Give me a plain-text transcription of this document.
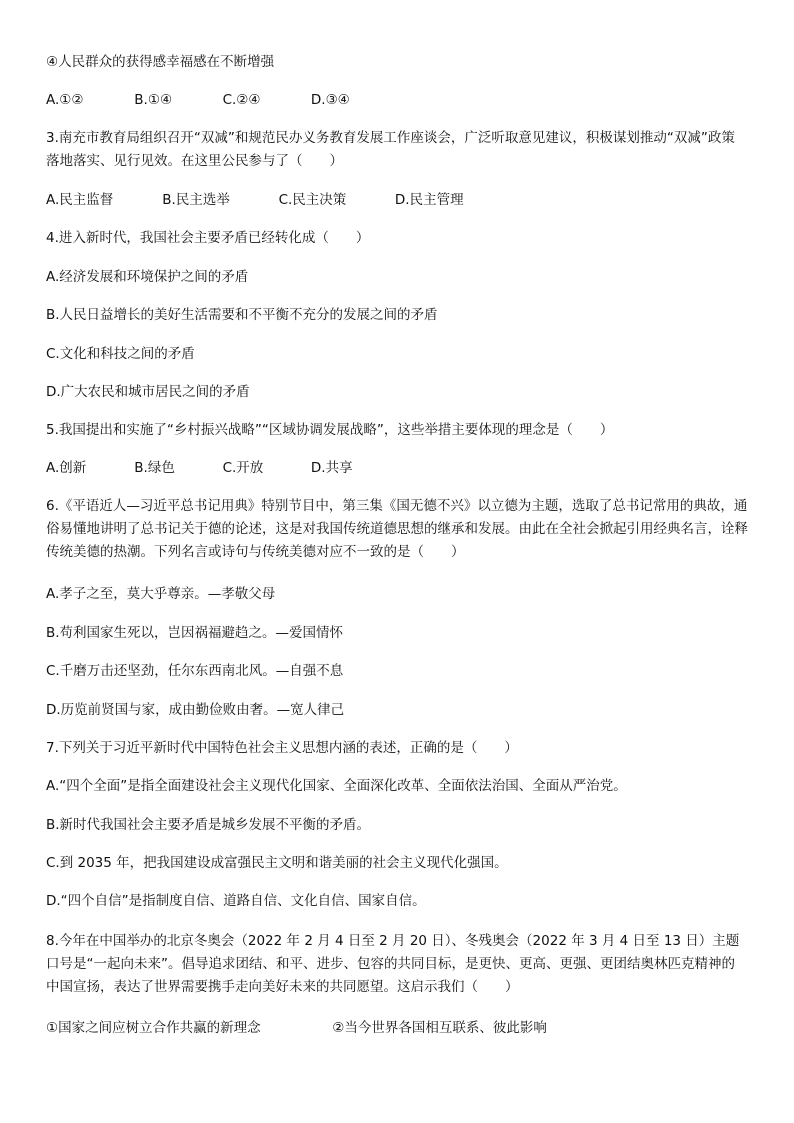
④人民群众的获得感幸福感在不断增强
A.①②	B.①④	C.②④	D.③④
3.南充市教育局组织召开“双减”和规范民办义务教育发展工作座谈会，广泛听取意见建议，积极谋划推动“双减”政策落地落实、见行见效。在这里公民参与了（　　）
A.民主监督	B.民主选举	C.民主决策	D.民主管理
4.进入新时代，我国社会主要矛盾已经转化成（　　）
A.经济发展和环境保护之间的矛盾
B.人民日益增长的美好生活需要和不平衡不充分的发展之间的矛盾
C.文化和科技之间的矛盾
D.广大农民和城市居民之间的矛盾
5.我国提出和实施了“乡村振兴战略”“区域协调发展战略”，这些举措主要体现的理念是（　　）
A.创新	B.绿色	C.开放	D.共享
6.《平语近人—习近平总书记用典》特别节目中，第三集《国无德不兴》以立德为主题，选取了总书记常用的典故，通俗易懂地讲明了总书记关于德的论述，这是对我国传统道德思想的继承和发展。由此在全社会掀起引用经典名言，诠释传统美德的热潮。下列名言或诗句与传统美德对应不一致的是（　　）
A.孝子之至，莫大乎尊亲。—孝敬父母
B.苟利国家生死以，岂因祸福避趋之。—爱国情怀
C.千磨万击还坚劲，任尔东西南北风。—自强不息
D.历览前贤国与家，成由勤俭败由奢。—宽人律己
7.下列关于习近平新时代中国特色社会主义思想内涵的表述，正确的是（　　）
A.“四个全面”是指全面建设社会主义现代化国家、全面深化改革、全面依法治国、全面从严治党。
B.新时代我国社会主要矛盾是城乡发展不平衡的矛盾。
C.到 2035 年，把我国建设成富强民主文明和谐美丽的社会主义现代化强国。
D.“四个自信”是指制度自信、道路自信、文化自信、国家自信。
8.今年在中国举办的北京冬奥会（2022 年 2 月 4 日至 2 月 20 日）、冬残奥会（2022 年 3 月 4 日至 13 日）主题口号是“一起向未来”。倡导追求团结、和平、进步、包容的共同目标，是更快、更高、更强、更团结奥林匹克精神的中国宣扬，表达了世界需要携手走向美好未来的共同愿望。这启示我们（　　）
①国家之间应树立合作共赢的新理念	②当今世界各国相互联系、彼此影响
